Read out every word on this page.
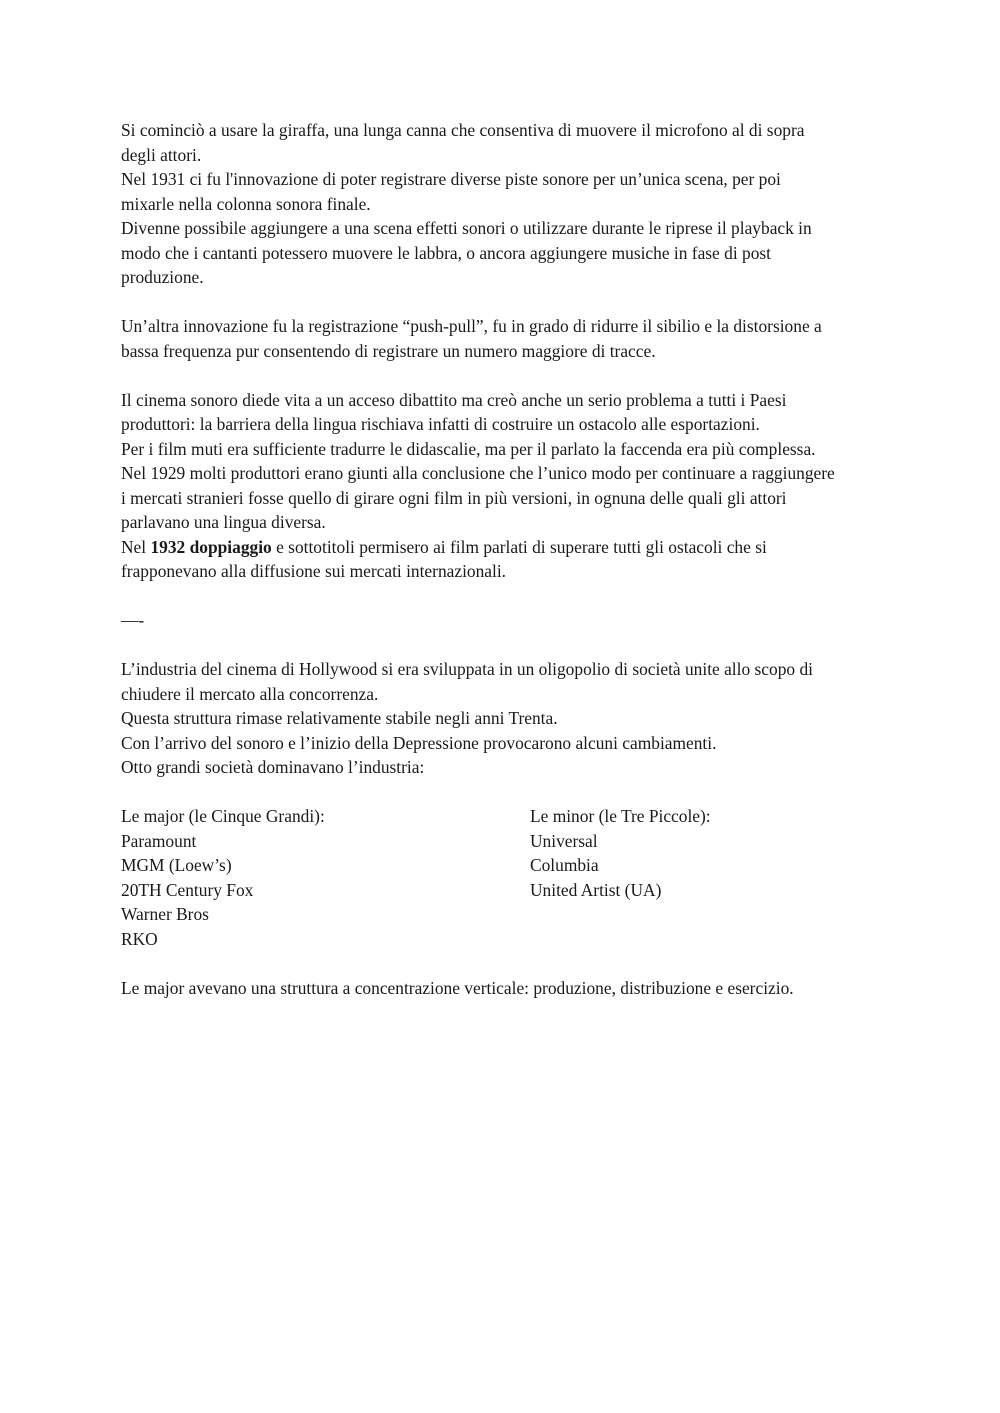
Si cominciò a usare la giraffa, una lunga canna che consentiva di muovere il microfono al di sopra
degli attori.
Nel 1931 ci fu l'innovazione di poter registrare diverse piste sonore per un’unica scena, per poi
mixarle nella colonna sonora finale.
Divenne possibile aggiungere a una scena effetti sonori o utilizzare durante le riprese il playback in
modo che i cantanti potessero muovere le labbra, o ancora aggiungere musiche in fase di post
produzione.
Un’altra innovazione fu la registrazione “push-pull”, fu in grado di ridurre il sibilio e la distorsione a
bassa frequenza pur consentendo di registrare un numero maggiore di tracce.
Il cinema sonoro diede vita a un acceso dibattito ma creò anche un serio problema a tutti i Paesi
produttori: la barriera della lingua rischiava infatti di costruire un ostacolo alle esportazioni.
Per i film muti era sufficiente tradurre le didascalie, ma per il parlato la faccenda era più complessa.
Nel 1929 molti produttori erano giunti alla conclusione che l’unico modo per continuare a raggiungere
i mercati stranieri fosse quello di girare ogni film in più versioni, in ognuna delle quali gli attori
parlavano una lingua diversa.
Nel 1932 doppiaggio e sottotitoli permisero ai film parlati di superare tutti gli ostacoli che si
frapponevano alla diffusione sui mercati internazionali.
—-
L’industria del cinema di Hollywood si era sviluppata in un oligopolio di società unite allo scopo di
chiudere il mercato alla concorrenza.
Questa struttura rimase relativamente stabile negli anni Trenta.
Con l’arrivo del sonoro e l’inizio della Depressione provocarono alcuni cambiamenti.
Otto grandi società dominavano l’industria:
Le major (le Cinque Grandi):
Paramount
MGM (Loew’s)
20TH Century Fox
Warner Bros
RKO
Le minor (le Tre Piccole):
Universal
Columbia
United Artist (UA)
Le major avevano una struttura a concentrazione verticale: produzione, distribuzione e esercizio.
